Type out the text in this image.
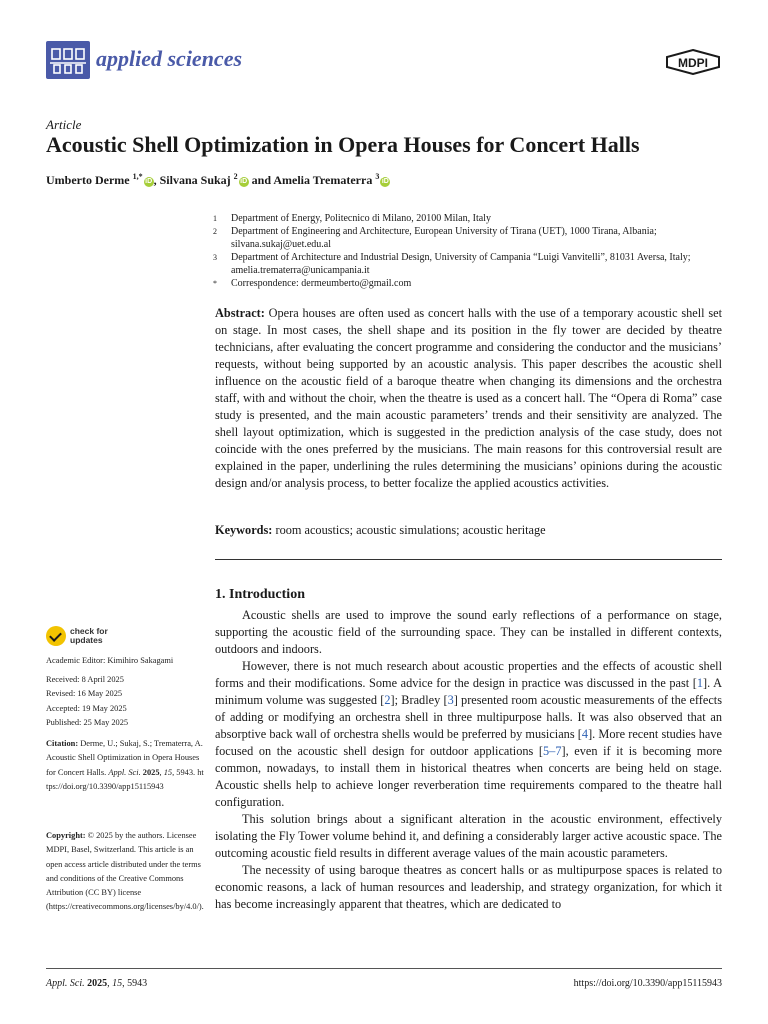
applied sciences	MDPI
Article
Acoustic Shell Optimization in Opera Houses for Concert Halls
Umberto Derme $^{1,*}$iD , Silvana Sukaj $^2$iD and Amelia Trematerra $^3$iD
1	Department of Energy, Politecnico di Milano, 20100 Milan, Italy
2	Department of Engineering and Architecture, European University of Tirana (UET), 1000 Tirana, Albania; silvana.sukaj@uet.edu.al
3	Department of Architecture and Industrial Design, University of Campania “Luigi Vanvitelli”, 81031 Aversa, Italy; amelia.trematerra@unicampania.it
*	Correspondence: dermeumberto@gmail.com
Abstract: Opera houses are often used as concert halls with the use of a temporary acoustic shell set on stage. In most cases, the shell shape and its position in the fly tower are decided by theatre technicians, after evaluating the concert programme and considering the conductor and the musicians’ requests, without being supported by an acoustic analysis. This paper describes the acoustic shell influence on the acoustic field of a baroque theatre when changing its dimensions and the orchestra staff, with and without the choir, when the theatre is used as a concert hall. The “Opera di Roma” case study is presented, and the main acoustic parameters’ trends and their sensitivity are analyzed. The shell layout optimization, which is suggested in the prediction analysis of the case study, does not coincide with the ones preferred by the musicians. The main reasons for this controversial result are explained in the paper, underlining the rules determining the musicians’ opinions during the acoustic design and/or analysis process, to better focalize the applied acoustics activities.
Keywords: room acoustics; acoustic simulations; acoustic heritage
1. Introduction

Acoustic shells are used to improve the sound early reflections of a performance on stage, supporting the acoustic field of the surrounding space. They can be installed in different contexts, outdoors and indoors.

However, there is not much research about acoustic properties and the effects of acoustic shell forms and their modifications. Some advice for the design in practice was discussed in the past [1]. A minimum volume was suggested [2]; Bradley [3] presented room acoustic measurements of the effects of adding or modifying an orchestra shell in three multipurpose halls. It was also observed that an absorptive back wall of orchestra shells would be preferred by musicians [4]. More recent studies have focused on the acoustic shell design for outdoor applications [5–7], even if it is becoming more common, nowadays, to install them in historical theatres when concerts are being held on stage. Acoustic shells help to achieve longer reverberation time requirements compared to the theatre hall configuration.

This solution brings about a significant alteration in the acoustic environment, effectively isolating the Fly Tower volume behind it, and defining a considerably larger active acoustic space. The outcoming acoustic field results in different average values of the main acoustic parameters.

The necessity of using baroque theatres as concert halls or as multipurpose spaces is related to economic reasons, a lack of human resources and leadership, and strategy organization, for which it has become increasingly apparent that theatres, which are dedicated to

check for
updates
Academic Editor: Kimihiro Sakagami
Received: 8 April 2025
Revised: 16 May 2025
Accepted: 19 May 2025
Published: 25 May 2025
Citation: Derme, U.; Sukaj, S.; Trematerra, A. Acoustic Shell Optimization in Opera Houses for Concert Halls. Appl. Sci. 2025, 15, 5943. https://doi.org/10.3390/app15115943
Copyright: © 2025 by the authors. Licensee MDPI, Basel, Switzerland. This article is an open access article distributed under the terms and conditions of the Creative Commons Attribution (CC BY) license (https://creativecommons.org/licenses/by/4.0/).
Appl. Sci. 2025, 15, 5943	https://doi.org/10.3390/app15115943
